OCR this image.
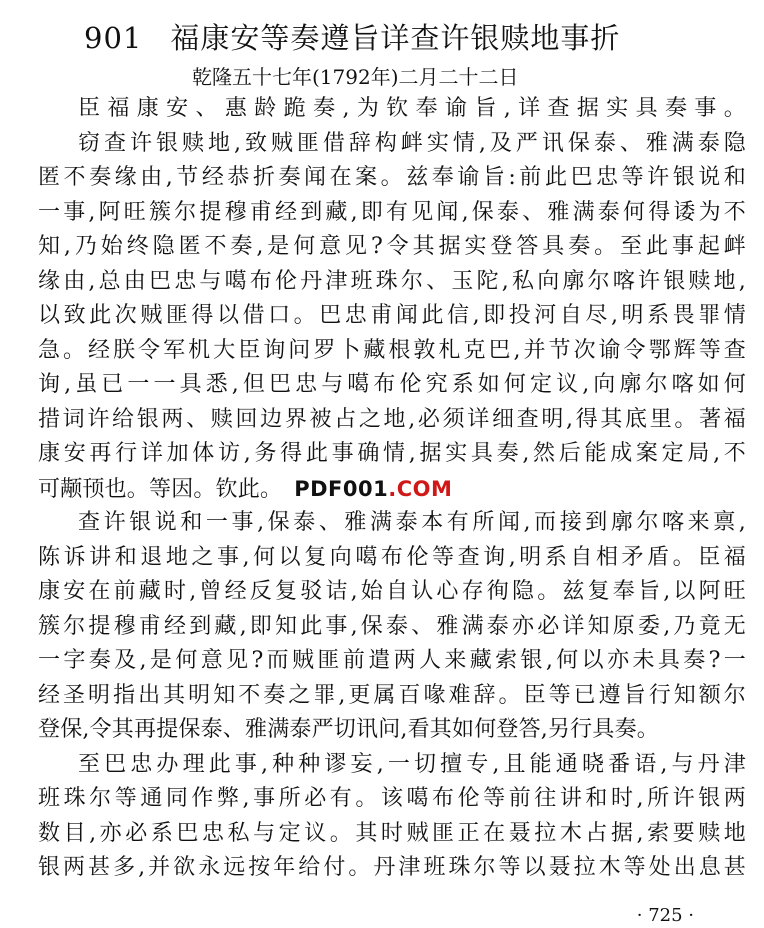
901 福康安等奏遵旨详查许银赎地事折
乾隆五十七年(1792年)二月二十二日
臣福康安、惠龄跪奏,为钦奉谕旨,详查据实具奏事。
窃查许银赎地,致贼匪借辞构衅实情,及严讯保泰、雅满泰隐
匿不奏缘由,节经恭折奏闻在案。兹奉谕旨:前此巴忠等许银说和
一事,阿旺簇尔提穆甫经到藏,即有见闻,保泰、雅满泰何得诿为不
知,乃始终隐匿不奏,是何意见?令其据实登答具奏。至此事起衅
缘由,总由巴忠与噶布伦丹津班珠尔、玉陀,私向廓尔喀许银赎地,
以致此次贼匪得以借口。巴忠甫闻此信,即投河自尽,明系畏罪情
急。经朕令军机大臣询问罗卜藏根敦札克巴,并节次谕令鄂辉等查
询,虽已一一具悉,但巴忠与噶布伦究系如何定议,向廓尔喀如何
措词许给银两、赎回边界被占之地,必须详细查明,得其底里。著福
康安再行详加体访,务得此事确情,据实具奏,然后能成案定局,不
可颟顸也。等因。钦此。 PDF001.COM
查许银说和一事,保泰、雅满泰本有所闻,而接到廓尔喀来禀,
陈诉讲和退地之事,何以复向噶布伦等查询,明系自相矛盾。臣福
康安在前藏时,曾经反复驳诘,始自认心存徇隐。兹复奉旨,以阿旺
簇尔提穆甫经到藏,即知此事,保泰、雅满泰亦必详知原委,乃竟无
一字奏及,是何意见?而贼匪前遣两人来藏索银,何以亦未具奏?一
经圣明指出其明知不奏之罪,更属百喙难辞。臣等已遵旨行知额尔
登保,令其再提保泰、雅满泰严切讯问,看其如何登答,另行具奏。
至巴忠办理此事,种种谬妄,一切擅专,且能通晓番语,与丹津
班珠尔等通同作弊,事所必有。该噶布伦等前往讲和时,所许银两
数目,亦必系巴忠私与定议。其时贼匪正在聂拉木占据,索要赎地
银两甚多,并欲永远按年给付。丹津班珠尔等以聂拉木等处出息甚
· 725 ·
